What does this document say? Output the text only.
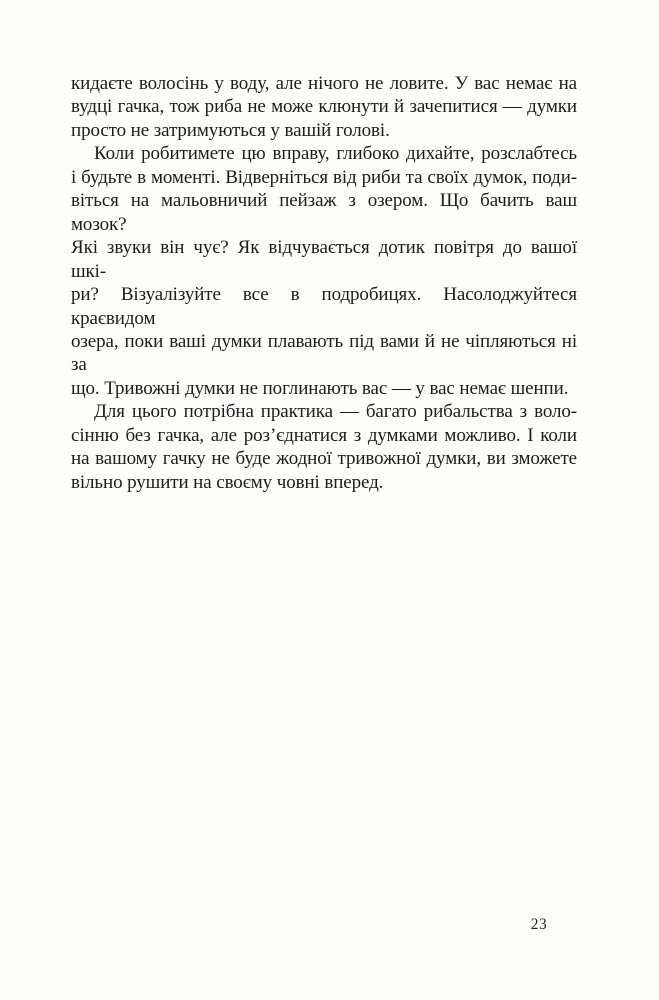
кидаєте волосінь у воду, але нічого не ловите. У вас немає на
вудці гачка, тож риба не може клюнути й зачепитися — думки
просто не затримуються у вашій голові.
Коли робитимете цю вправу, глибоко дихайте, розслабтесь
і будьте в моменті. Відверніться від риби та своїх думок, поди-
віться на мальовничий пейзаж з озером. Що бачить ваш мозок?
Які звуки він чує? Як відчувається дотик повітря до вашої шкі-
ри? Візуалізуйте все в подробицях. Насолоджуйтеся краєвидом
озера, поки ваші думки плавають під вами й не чіпляються ні за
що. Тривожні думки не поглинають вас — у вас немає шенпи.
Для цього потрібна практика — багато рибальства з воло-
сінню без гачка, але роз’єднатися з думками можливо. І коли
на вашому гачку не буде жодної тривожної думки, ви зможете
вільно рушити на своєму човні вперед.
23
